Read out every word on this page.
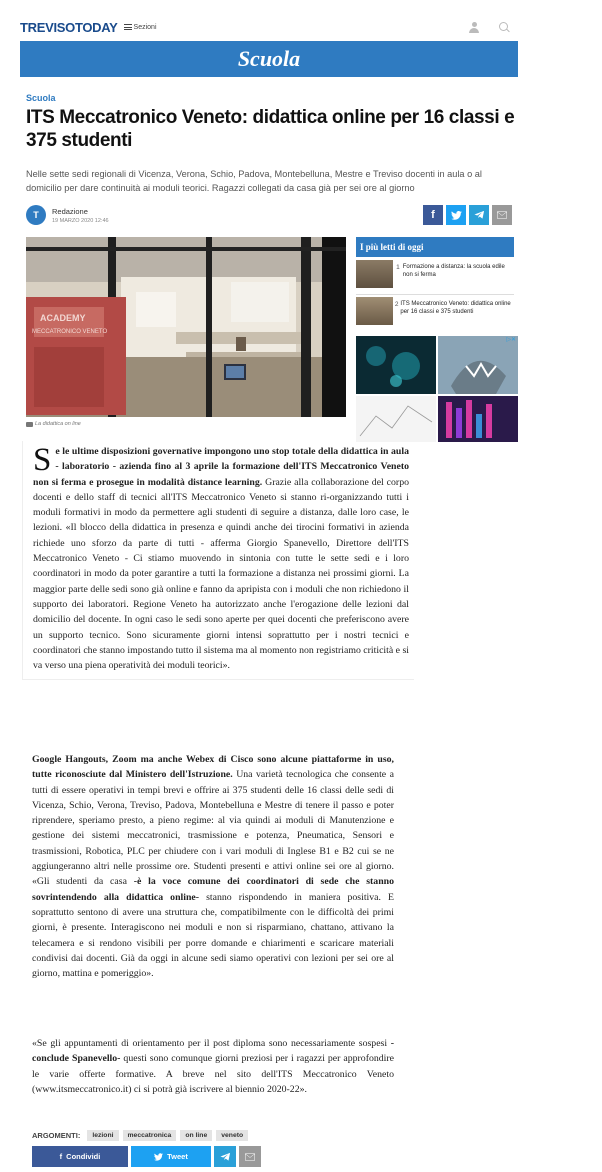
TREVISOTODAY Sezioni
Scuola
Scuola
ITS Meccatronico Veneto: didattica online per 16 classi e 375 studenti

Nelle sette sedi regionali di Vicenza, Verona, Schio, Padova, Montebelluna, Mestre e Treviso docenti in aula o al domicilio per dare continuità ai moduli teorici. Ragazzi collegati da casa già per sei ore al giorno

T	Redazione
19 MARZO 2020 12:46	f
ACADEMY
MECCATRONICO VENETO
La didattica on line
I più letti di oggi
1 Formazione a distanza: la scuola edile non si ferma
2 ITS Meccatronico Veneto: didattica online per 16 classi e 375 studenti
▷✕
Se le ultime disposizioni governative impongono uno stop totale della didattica in aula - laboratorio - azienda fino al 3 aprile la formazione dell'ITS Meccatronico Veneto non si ferma e prosegue in modalità distance learning. Grazie alla collaborazione del corpo docenti e dello staff di tecnici all'ITS Meccatronico Veneto si stanno ri-organizzando tutti i moduli formativi in modo da permettere agli studenti di seguire a distanza, dalle loro case, le lezioni. «Il blocco della didattica in presenza e quindi anche dei tirocini formativi in azienda richiede uno sforzo da parte di tutti - afferma Giorgio Spanevello, Direttore dell'ITS Meccatronico Veneto - Ci stiamo muovendo in sintonia con tutte le sette sedi e i loro coordinatori in modo da poter garantire a tutti la formazione a distanza nei prossimi giorni. La maggior parte delle sedi sono già online e fanno da apripista con i moduli che non richiedono il supporto dei laboratori. Regione Veneto ha autorizzato anche l'erogazione delle lezioni dal domicilio del docente. In ogni caso le sedi sono aperte per quei docenti che preferiscono avere un supporto tecnico. Sono sicuramente giorni intensi soprattutto per i nostri tecnici e coordinatori che stanno impostando tutto il sistema ma al momento non registriamo criticità e si va verso una piena operatività dei moduli teorici».

Google Hangouts, Zoom ma anche Webex di Cisco sono alcune piattaforme in uso, tutte riconosciute dal Ministero dell'Istruzione. Una varietà tecnologica che consente a tutti di essere operativi in tempi brevi e offrire ai 375 studenti delle 16 classi delle sedi di Vicenza, Schio, Verona, Treviso, Padova, Montebelluna e Mestre di tenere il passo e poter riprendere, speriamo presto, a pieno regime: al via quindi ai moduli di Manutenzione e gestione dei sistemi meccatronici, trasmissione e potenza, Pneumatica, Sensori e trasmissioni, Robotica, PLC per chiudere con i vari moduli di Inglese B1 e B2 cui se ne aggiungeranno altri nelle prossime ore. Studenti presenti e attivi online sei ore al giorno. «Gli studenti da casa -è la voce comune dei coordinatori di sede che stanno sovrintendendo alla didattica online- stanno rispondendo in maniera positiva. E soprattutto sentono di avere una struttura che, compatibilmente con le difficoltà dei primi giorni, è presente. Interagiscono nei moduli e non si risparmiano, chattano, attivano la telecamera e si rendono visibili per porre domande e chiarimenti e scaricare materiali condivisi dai docenti. Già da oggi in alcune sedi siamo operativi con lezioni per sei ore al giorno, mattina e pomeriggio».

«Se gli appuntamenti di orientamento per il post diploma sono necessariamente sospesi -conclude Spanevello- questi sono comunque giorni preziosi per i ragazzi per approfondire le varie offerte formative. A breve nel sito dell'ITS Meccatronico Veneto (www.itsmeccatronico.it) ci si potrà già iscrivere al biennio 2020-22».

ARGOMENTI:	lezioni	meccatronica	on line	veneto
f Condividi	Tweet
